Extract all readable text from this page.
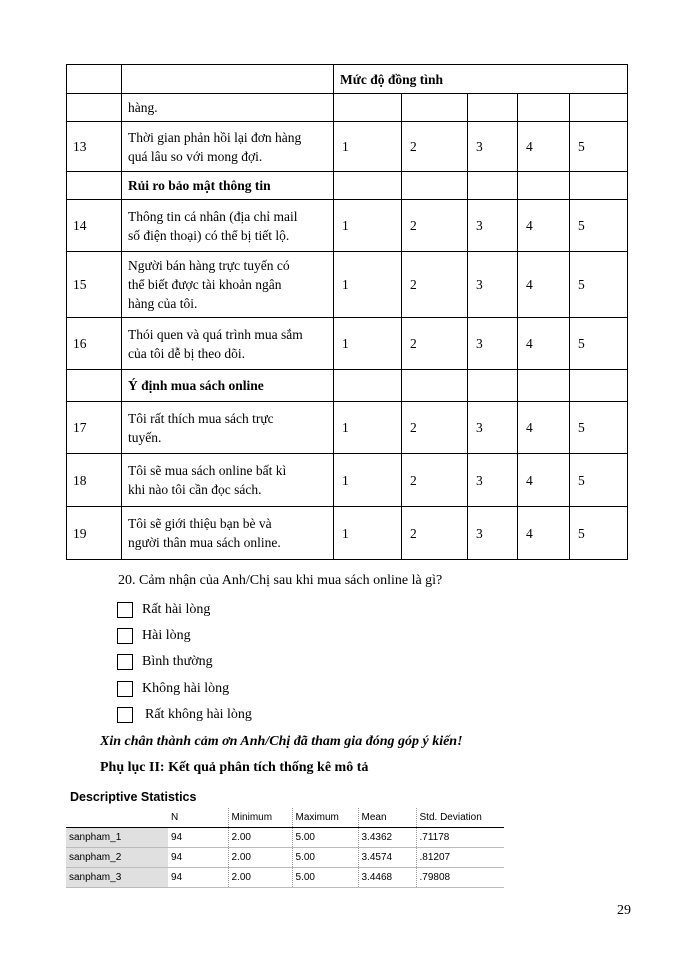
		Mức độ đồng tình				
	hàng.					
13	Thời gian phản hồi lại đơn hàng
quá lâu so với mong đợi.	1	2	3	4	5
	Rủi ro bảo mật thông tin					
14	Thông tin cá nhân (địa chỉ mail
số điện thoại) có thể bị tiết lộ.	1	2	3	4	5
15	Người bán hàng trực tuyến có
thể biết được tài khoản ngân
hàng của tôi.	1	2	3	4	5
16	Thói quen và quá trình mua sắm
của tôi dễ bị theo dõi.	1	2	3	4	5
	Ý định mua sách online					
17	Tôi rất thích mua sách trực
tuyến.	1	2	3	4	5
18	Tôi sẽ mua sách online bất kì
khi nào tôi cần đọc sách.	1	2	3	4	5
19	Tôi sẽ giới thiệu bạn bè và
người thân mua sách online.	1	2	3	4	5
20. Cảm nhận của Anh/Chị sau khi mua sách online là gì?
Rất hài lòng
Hài lòng
Bình thường
Không hài lòng
Rất không hài lòng
Xin chân thành cảm ơn Anh/Chị đã tham gia đóng góp ý kiến!
Phụ lục II: Kết quả phân tích thống kê mô tả
Descriptive Statistics
	N	Minimum	Maximum	Mean	Std. Deviation
sanpham_1	94	2.00	5.00	3.4362	.71178
sanpham_2	94	2.00	5.00	3.4574	.81207
sanpham_3	94	2.00	5.00	3.4468	.79808
29
